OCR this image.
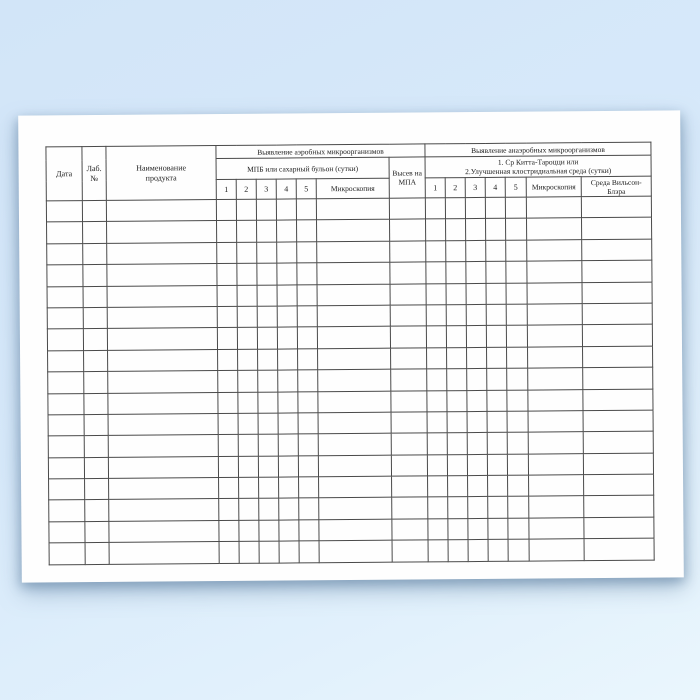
Дата	Лаб. №	Наименование продукта	Выявление аэробных микроорганизмов							Выявление анаэробных микроорганизмов						
			МПБ или сахарный бульон (сутки)						Высев на МПА	1. Ср Китта-Тароцци или
2.Улучшенная клостридиальная среда (сутки)						

			1	2	3	4	5	Микроскопия		1	2	3	4	5	Микроскопия	Среда Вильсон-Блэра
